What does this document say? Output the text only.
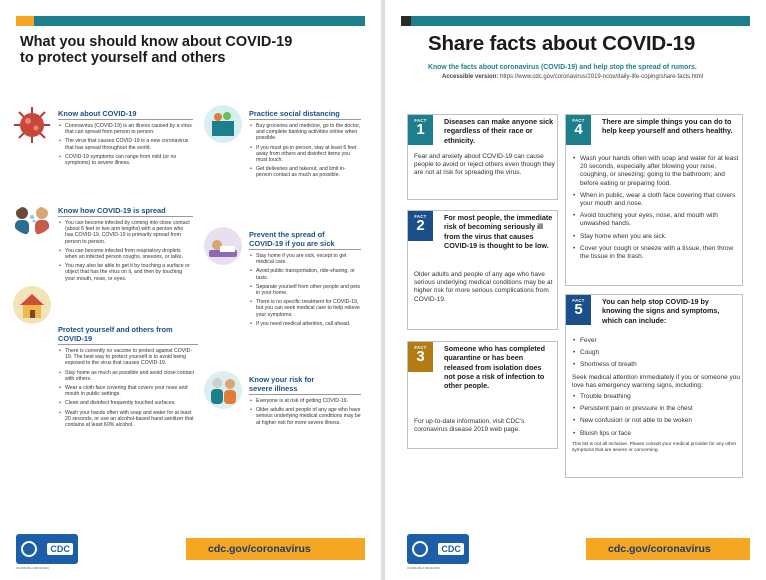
What you should know about COVID-19
to protect yourself and others
Know about COVID-19
• Coronavirus (COVID-19) is an illness caused by a virus that can spread from person to person.
• The virus that causes COVID-19 is a new coronavirus that has spread throughout the world.
• COVID-19 symptoms can range from mild (or no symptoms) to severe illness.
Know how COVID-19 is spread
• You can become infected by coming into close contact (about 6 feet or two arm lengths) with a person who has COVID-19. COVID-19 is primarily spread from person to person.
• You can become infected from respiratory droplets when an infected person coughs, sneezes, or talks.
• You may also be able to get it by touching a surface or object that has the virus on it, and then by touching your mouth, nose, or eyes.
Protect yourself and others from COVID-19
• There is currently no vaccine to protect against COVID-19. The best way to protect yourself is to avoid being exposed to the virus that causes COVID-19.
• Stay home as much as possible and avoid close contact with others.
• Wear a cloth face covering that covers your nose and mouth in public settings.
• Clean and disinfect frequently touched surfaces.
• Wash your hands often with soap and water for at least 20 seconds, or use an alcohol-based hand sanitizer that contains at least 60% alcohol.
Practice social distancing
• Buy groceries and medicine, go to the doctor, and complete banking activities online when possible.
• If you must go in person, stay at least 6 feet away from others and disinfect items you must touch.
• Get deliveries and takeout, and limit in-person contact as much as possible.
Prevent the spread of
COVID-19 if you are sick
• Stay home if you are sick, except to get medical care.
• Avoid public transportation, ride-sharing, or taxis.
• Separate yourself from other people and pets in your home.
• There is no specific treatment for COVID-19, but you can seek medical care to help relieve your symptoms.
• If you need medical attention, call ahead.
Know your risk for
severe illness
• Everyone is at risk of getting COVID-19.
• Older adults and people of any age who have serious underlying medical conditions may be at higher risk for more severe illness.
CDC	cdc.gov/coronavirus
CS316109-A 06/01/2020
Share facts about COVID-19
Know the facts about coronavirus (COVID-19) and help stop the spread of rumors.
Accessible version: https://www.cdc.gov/coronavirus/2019-ncov/daily-life-coping/share-facts.html
FACT
1	Diseases can make anyone sick regardless of their race or ethnicity.
Fear and anxiety about COVID-19 can cause people to avoid or reject others even though they are not at risk for spreading the virus.
FACT
2	For most people, the immediate risk of becoming seriously ill from the virus that causes COVID-19 is thought to be low.
Older adults and people of any age who have serious underlying medical conditions may be at higher risk for more serious complications from COVID-19.
FACT
3	Someone who has completed quarantine or has been released from isolation does not pose a risk of infection to other people.
For up-to-date information, visit CDC's coronavirus disease 2019 web page.
FACT
4	There are simple things you can do to help keep yourself and others healthy.
• Wash your hands often with soap and water for at least 20 seconds, especially after blowing your nose, coughing, or sneezing; going to the bathroom; and before eating or preparing food.
• When in public, wear a cloth face covering that covers your mouth and nose.
• Avoid touching your eyes, nose, and mouth with unwashed hands.
• Stay home when you are sick.
• Cover your cough or sneeze with a tissue, then throw the tissue in the trash.
FACT
5	You can help stop COVID-19 by knowing the signs and symptoms, which can include:
• Fever
• Cough
• Shortness of breath
Seek medical attention immediately if you or someone you love has emergency warning signs, including:
• Trouble breathing
• Persistent pain or pressure in the chest
• New confusion or not able to be woken
• Bluish lips or face
This list is not all inclusive. Please consult your medical provider for any other symptoms that are severe or concerning.
CDC	cdc.gov/coronavirus
CS316109-A 06/01/2020
